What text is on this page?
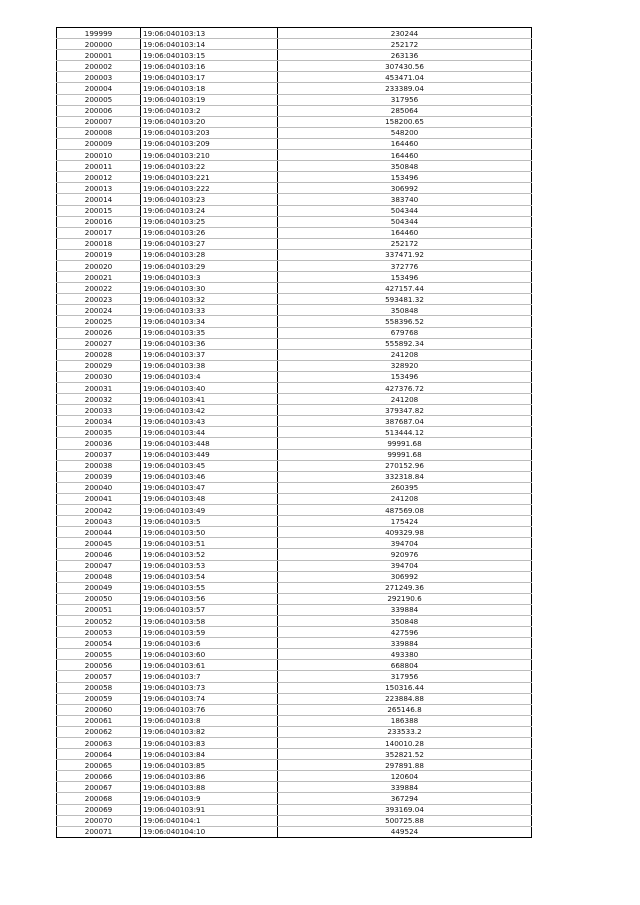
199999	19:06:040103:13	230244
200000	19:06:040103:14	252172
200001	19:06:040103:15	263136
200002	19:06:040103:16	307430.56
200003	19:06:040103:17	453471.04
200004	19:06:040103:18	233389.04
200005	19:06:040103:19	317956
200006	19:06:040103:2	285064
200007	19:06:040103:20	158200.65
200008	19:06:040103:203	548200
200009	19:06:040103:209	164460
200010	19:06:040103:210	164460
200011	19:06:040103:22	350848
200012	19:06:040103:221	153496
200013	19:06:040103:222	306992
200014	19:06:040103:23	383740
200015	19:06:040103:24	504344
200016	19:06:040103:25	504344
200017	19:06:040103:26	164460
200018	19:06:040103:27	252172
200019	19:06:040103:28	337471.92
200020	19:06:040103:29	372776
200021	19:06:040103:3	153496
200022	19:06:040103:30	427157.44
200023	19:06:040103:32	593481.32
200024	19:06:040103:33	350848
200025	19:06:040103:34	558396.52
200026	19:06:040103:35	679768
200027	19:06:040103:36	555892.34
200028	19:06:040103:37	241208
200029	19:06:040103:38	328920
200030	19:06:040103:4	153496
200031	19:06:040103:40	427376.72
200032	19:06:040103:41	241208
200033	19:06:040103:42	379347.82
200034	19:06:040103:43	387687.04
200035	19:06:040103:44	513444.12
200036	19:06:040103:448	99991.68
200037	19:06:040103:449	99991.68
200038	19:06:040103:45	270152.96
200039	19:06:040103:46	332318.84
200040	19:06:040103:47	260395
200041	19:06:040103:48	241208
200042	19:06:040103:49	487569.08
200043	19:06:040103:5	175424
200044	19:06:040103:50	409329.98
200045	19:06:040103:51	394704
200046	19:06:040103:52	920976
200047	19:06:040103:53	394704
200048	19:06:040103:54	306992
200049	19:06:040103:55	271249.36
200050	19:06:040103:56	292190.6
200051	19:06:040103:57	339884
200052	19:06:040103:58	350848
200053	19:06:040103:59	427596
200054	19:06:040103:6	339884
200055	19:06:040103:60	493380
200056	19:06:040103:61	668804
200057	19:06:040103:7	317956
200058	19:06:040103:73	150316.44
200059	19:06:040103:74	223884.88
200060	19:06:040103:76	265146.8
200061	19:06:040103:8	186388
200062	19:06:040103:82	233533.2
200063	19:06:040103:83	140010.28
200064	19:06:040103:84	352821.52
200065	19:06:040103:85	297891.88
200066	19:06:040103:86	120604
200067	19:06:040103:88	339884
200068	19:06:040103:9	367294
200069	19:06:040103:91	393169.04
200070	19:06:040104:1	500725.88
200071	19:06:040104:10	449524
